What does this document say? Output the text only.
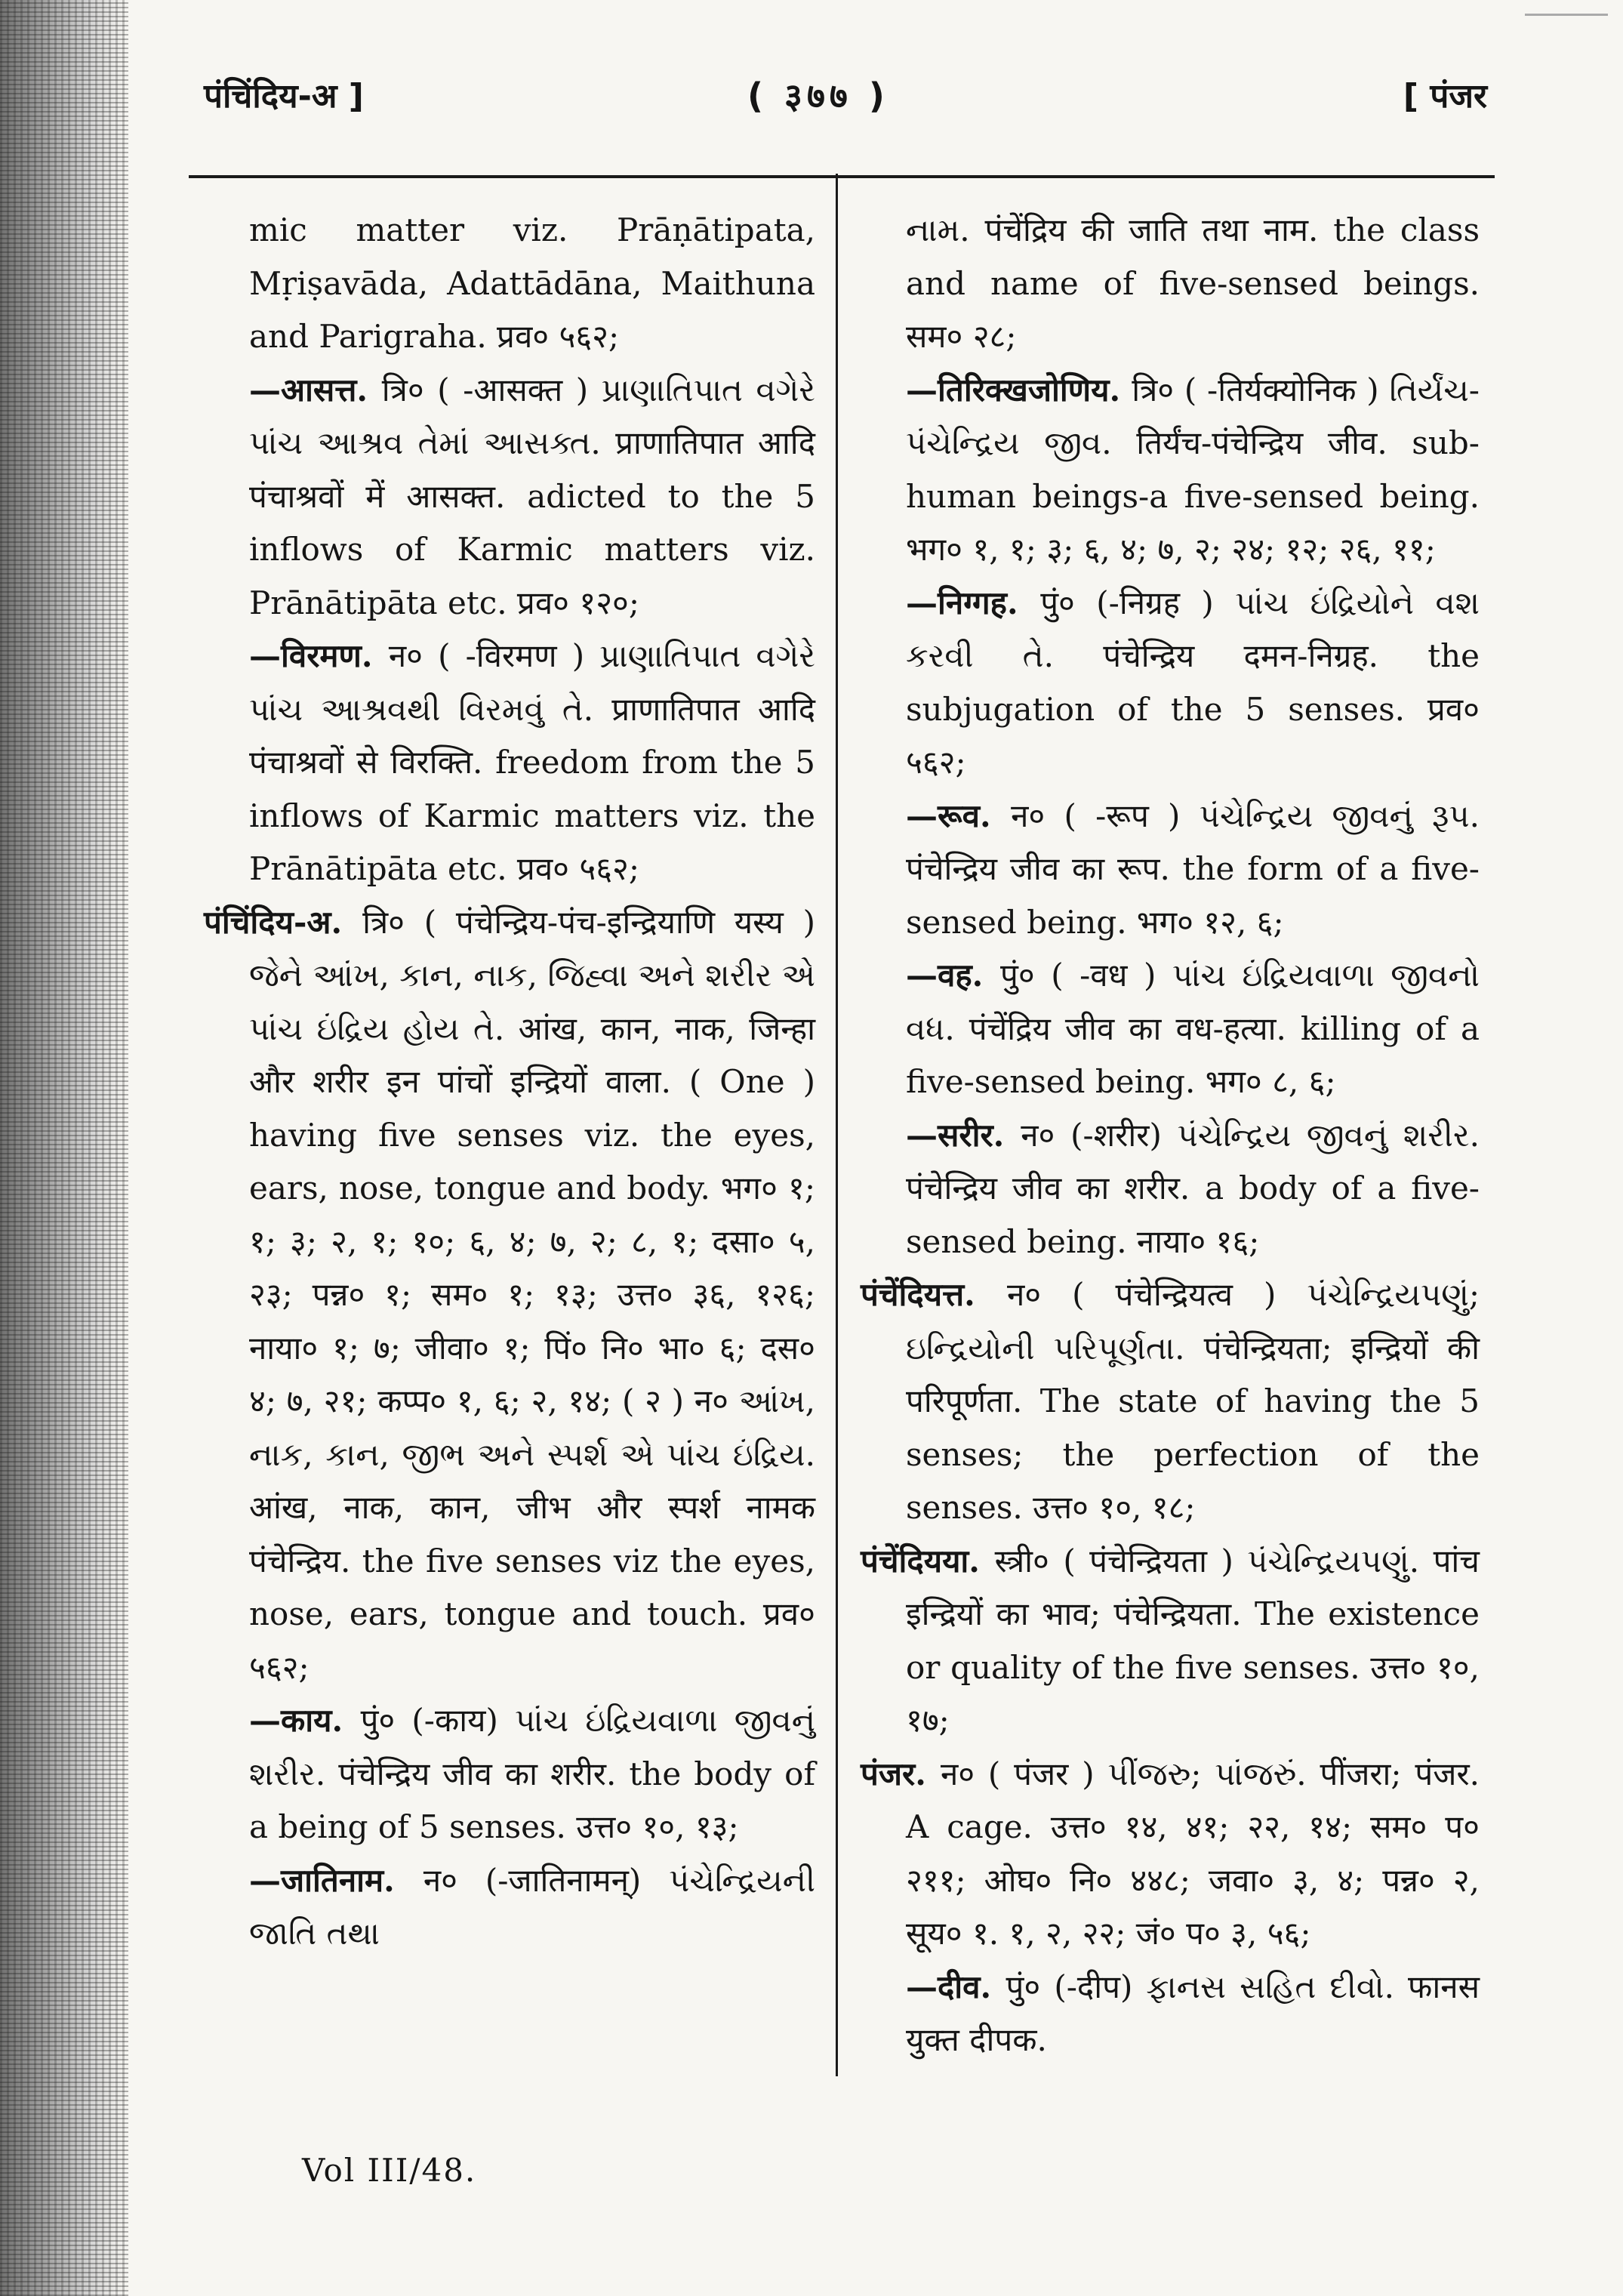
पंचिंदिय-अ ]	( ३७७ )	[ पंजर

mic matter viz. Prāṇātipata, Mṛiṣavāda, Adattādāna, Maithuna and Parigraha. प्रव० ५६२;

—आसत्त. त्रि० ( -आसक्त ) પ્રાણાતિપાત વગેરે પાંચ આશ્રવ તેમાં આસક્ત. प्राणातिपात आदि पंचाश्रवों में आसक्त. adicted to the 5 inflows of Karmic matters viz. Prānātipāta etc. प्रव० १२०;

—विरमण. न० ( -विरमण ) પ્રાણાતિપાત વગેરે પાંચ આશ્રવથી વિરમવું તે. प्राणातिपात आदि पंचाश्रवों से विरक्ति. freedom from the 5 inflows of Karmic matters viz. the Prānātipāta etc. प्रव० ५६२;

पंचिंदिय-अ. त्रि० ( पंचेन्द्रिय-पंच-इन्द्रियाणि यस्य ) જેને આંખ, કાન, નાક, જિહ્વા અને શરીર એ પાંચ ઇંદ્રિય હોય તે. आंख, कान, नाक, जिन्हा और शरीर इन पांचों इन्द्रियों वाला. ( One ) having five senses viz. the eyes, ears, nose, tongue and body. भग० १; १; ३; २, १; १०; ६, ४; ७, २; ८, १; दसा० ५, २३; पन्न० १; सम० १; १३; उत्त० ३६, १२६; नाया० १; ७; जीवा० १; पिं० नि० भा० ६; दस० ४; ७, २१; कप्प० १, ६; २, १४; ( २ ) न० આંખ, નાક, કાન, જીભ અને સ્પર્શ એ પાંચ ઇંદ્રિય. आंख, नाक, कान, जीभ और स्पर्श नामक पंचेन्द्रिय. the five senses viz the eyes, nose, ears, tongue and touch. प्रव० ५६२;

—काय. पुं० (-काय) પાંચ ઇંદ્રિયવાળા જીવનું શરીર. पंचेन्द्रिय जीव का शरीर. the body of a being of 5 senses. उत्त० १०, १३;

—जातिनाम. न० (-जातिनामन्) પંચેન્દ્રિયની જાતિ તથા

નામ. पंचेंद्रिय की जाति तथा नाम. the class and name of five-sensed beings. सम० २८;

—तिरिक्खजोणिय. त्रि० ( -तिर्यक्योनिक ) તિર્યંચ-પંચેન્દ્રિય જીવ. तिर्यंच-पंचेन्द्रिय जीव. sub-human beings-a five-sensed being. भग० १, १; ३; ६, ४; ७, २; २४; १२; २६, ११;

—निग्गह. पुं० (-निग्रह ) પાંચ ઇંદ્રિયોને વશ કરવી તે. पंचेन्द्रिय दमन-निग्रह. the subjugation of the 5 senses. प्रव० ५६२;

—रूव. न० ( -रूप ) પંચેન્દ્રિય જીવનું રૂપ. पंचेन्द्रिय जीव का रूप. the form of a five-sensed being. भग० १२, ६;

—वह. पुं० ( -वध ) પાંચ ઇંદ્રિયવાળા જીવનો વધ. पंचेंद्रिय जीव का वध-हत्या. killing of a five-sensed being. भग० ८, ६;

—सरीर. न० (-शरीर) પંચેન્દ્રિય જીવનું શરીર. पंचेन्द्रिय जीव का शरीर. a body of a five-sensed being. नाया० १६;

पंचेंदियत्त. न० ( पंचेन्द्रियत्व ) પંચેન્દ્રિયપણું; ઇન્દ્રિયોની પરિપૂર્ણતા. पंचेन्द्रियता; इन्द्रियों की परिपूर्णता. The state of having the 5 senses; the perfection of the senses. उत्त० १०, १८;

पंचेंदियया. स्त्री० ( पंचेन्द्रियता ) પંચેન્દ્રિયપણું. पांच इन्द्रियों का भाव; पंचेन्द्रियता. The existence or quality of the five senses. उत्त० १०, १७;

पंजर. न० ( पंजर ) પીંજરુ; પાંજરું. पींजरा; पंजर. A cage. उत्त० १४, ४१; २२, १४; सम० प० २११; ओघ० नि० ४४८; जवा० ३, ४; पन्न० २, सूय० १. १, २, २२; जं० प० ३, ५६;

—दीव. पुं० (-दीप) ફાનસ સહિત દીવો. फानस युक्त दीपक.

Vol III/48.
